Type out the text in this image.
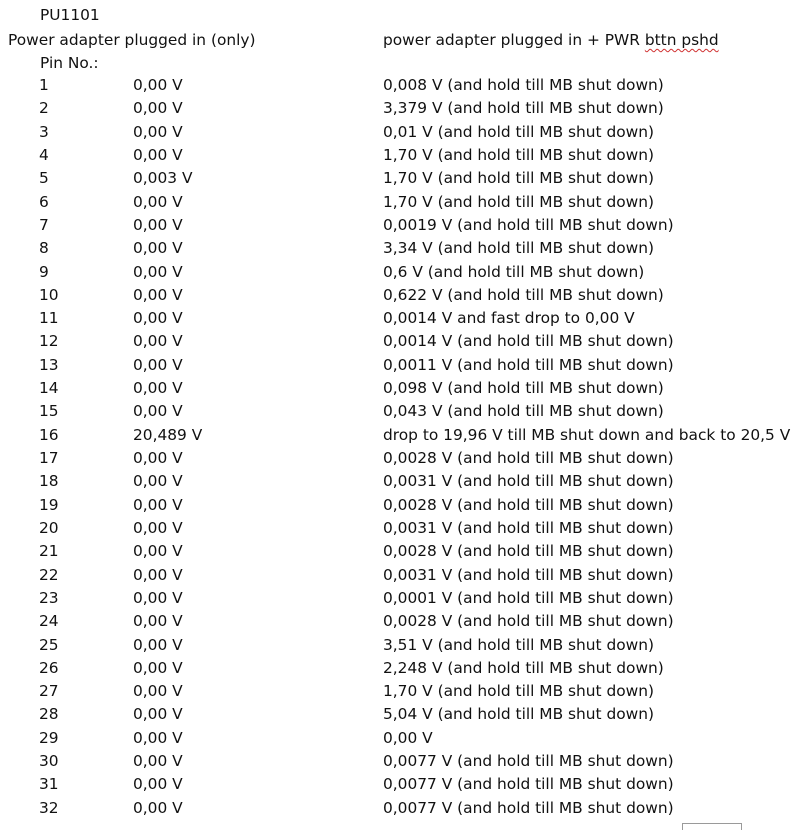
PU1101
Power adapter plugged in (only)	power adapter plugged in + PWR bttn pshd
Pin No.:
1	0,00 V	0,008 V (and hold till MB shut down)
2	0,00 V	3,379 V (and hold till MB shut down)
3	0,00 V	0,01 V (and hold till MB shut down)
4	0,00 V	1,70 V (and hold till MB shut down)
5	0,003 V	1,70 V (and hold till MB shut down)
6	0,00 V	1,70 V (and hold till MB shut down)
7	0,00 V	0,0019 V (and hold till MB shut down)
8	0,00 V	3,34 V (and hold till MB shut down)
9	0,00 V	0,6 V (and hold till MB shut down)
10	0,00 V	0,622 V (and hold till MB shut down)
11	0,00 V	0,0014 V and fast drop to 0,00 V
12	0,00 V	0,0014 V (and hold till MB shut down)
13	0,00 V	0,0011 V (and hold till MB shut down)
14	0,00 V	0,098 V (and hold till MB shut down)
15	0,00 V	0,043 V (and hold till MB shut down)
16	20,489 V	drop to 19,96 V till MB shut down and back to 20,5 V
17	0,00 V	0,0028 V (and hold till MB shut down)
18	0,00 V	0,0031 V (and hold till MB shut down)
19	0,00 V	0,0028 V (and hold till MB shut down)
20	0,00 V	0,0031 V (and hold till MB shut down)
21	0,00 V	0,0028 V (and hold till MB shut down)
22	0,00 V	0,0031 V (and hold till MB shut down)
23	0,00 V	0,0001 V (and hold till MB shut down)
24	0,00 V	0,0028 V (and hold till MB shut down)
25	0,00 V	3,51 V (and hold till MB shut down)
26	0,00 V	2,248 V (and hold till MB shut down)
27	0,00 V	1,70 V (and hold till MB shut down)
28	0,00 V	5,04 V (and hold till MB shut down)
29	0,00 V	0,00 V
30	0,00 V	0,0077 V (and hold till MB shut down)
31	0,00 V	0,0077 V (and hold till MB shut down)
32	0,00 V	0,0077 V (and hold till MB shut down)
